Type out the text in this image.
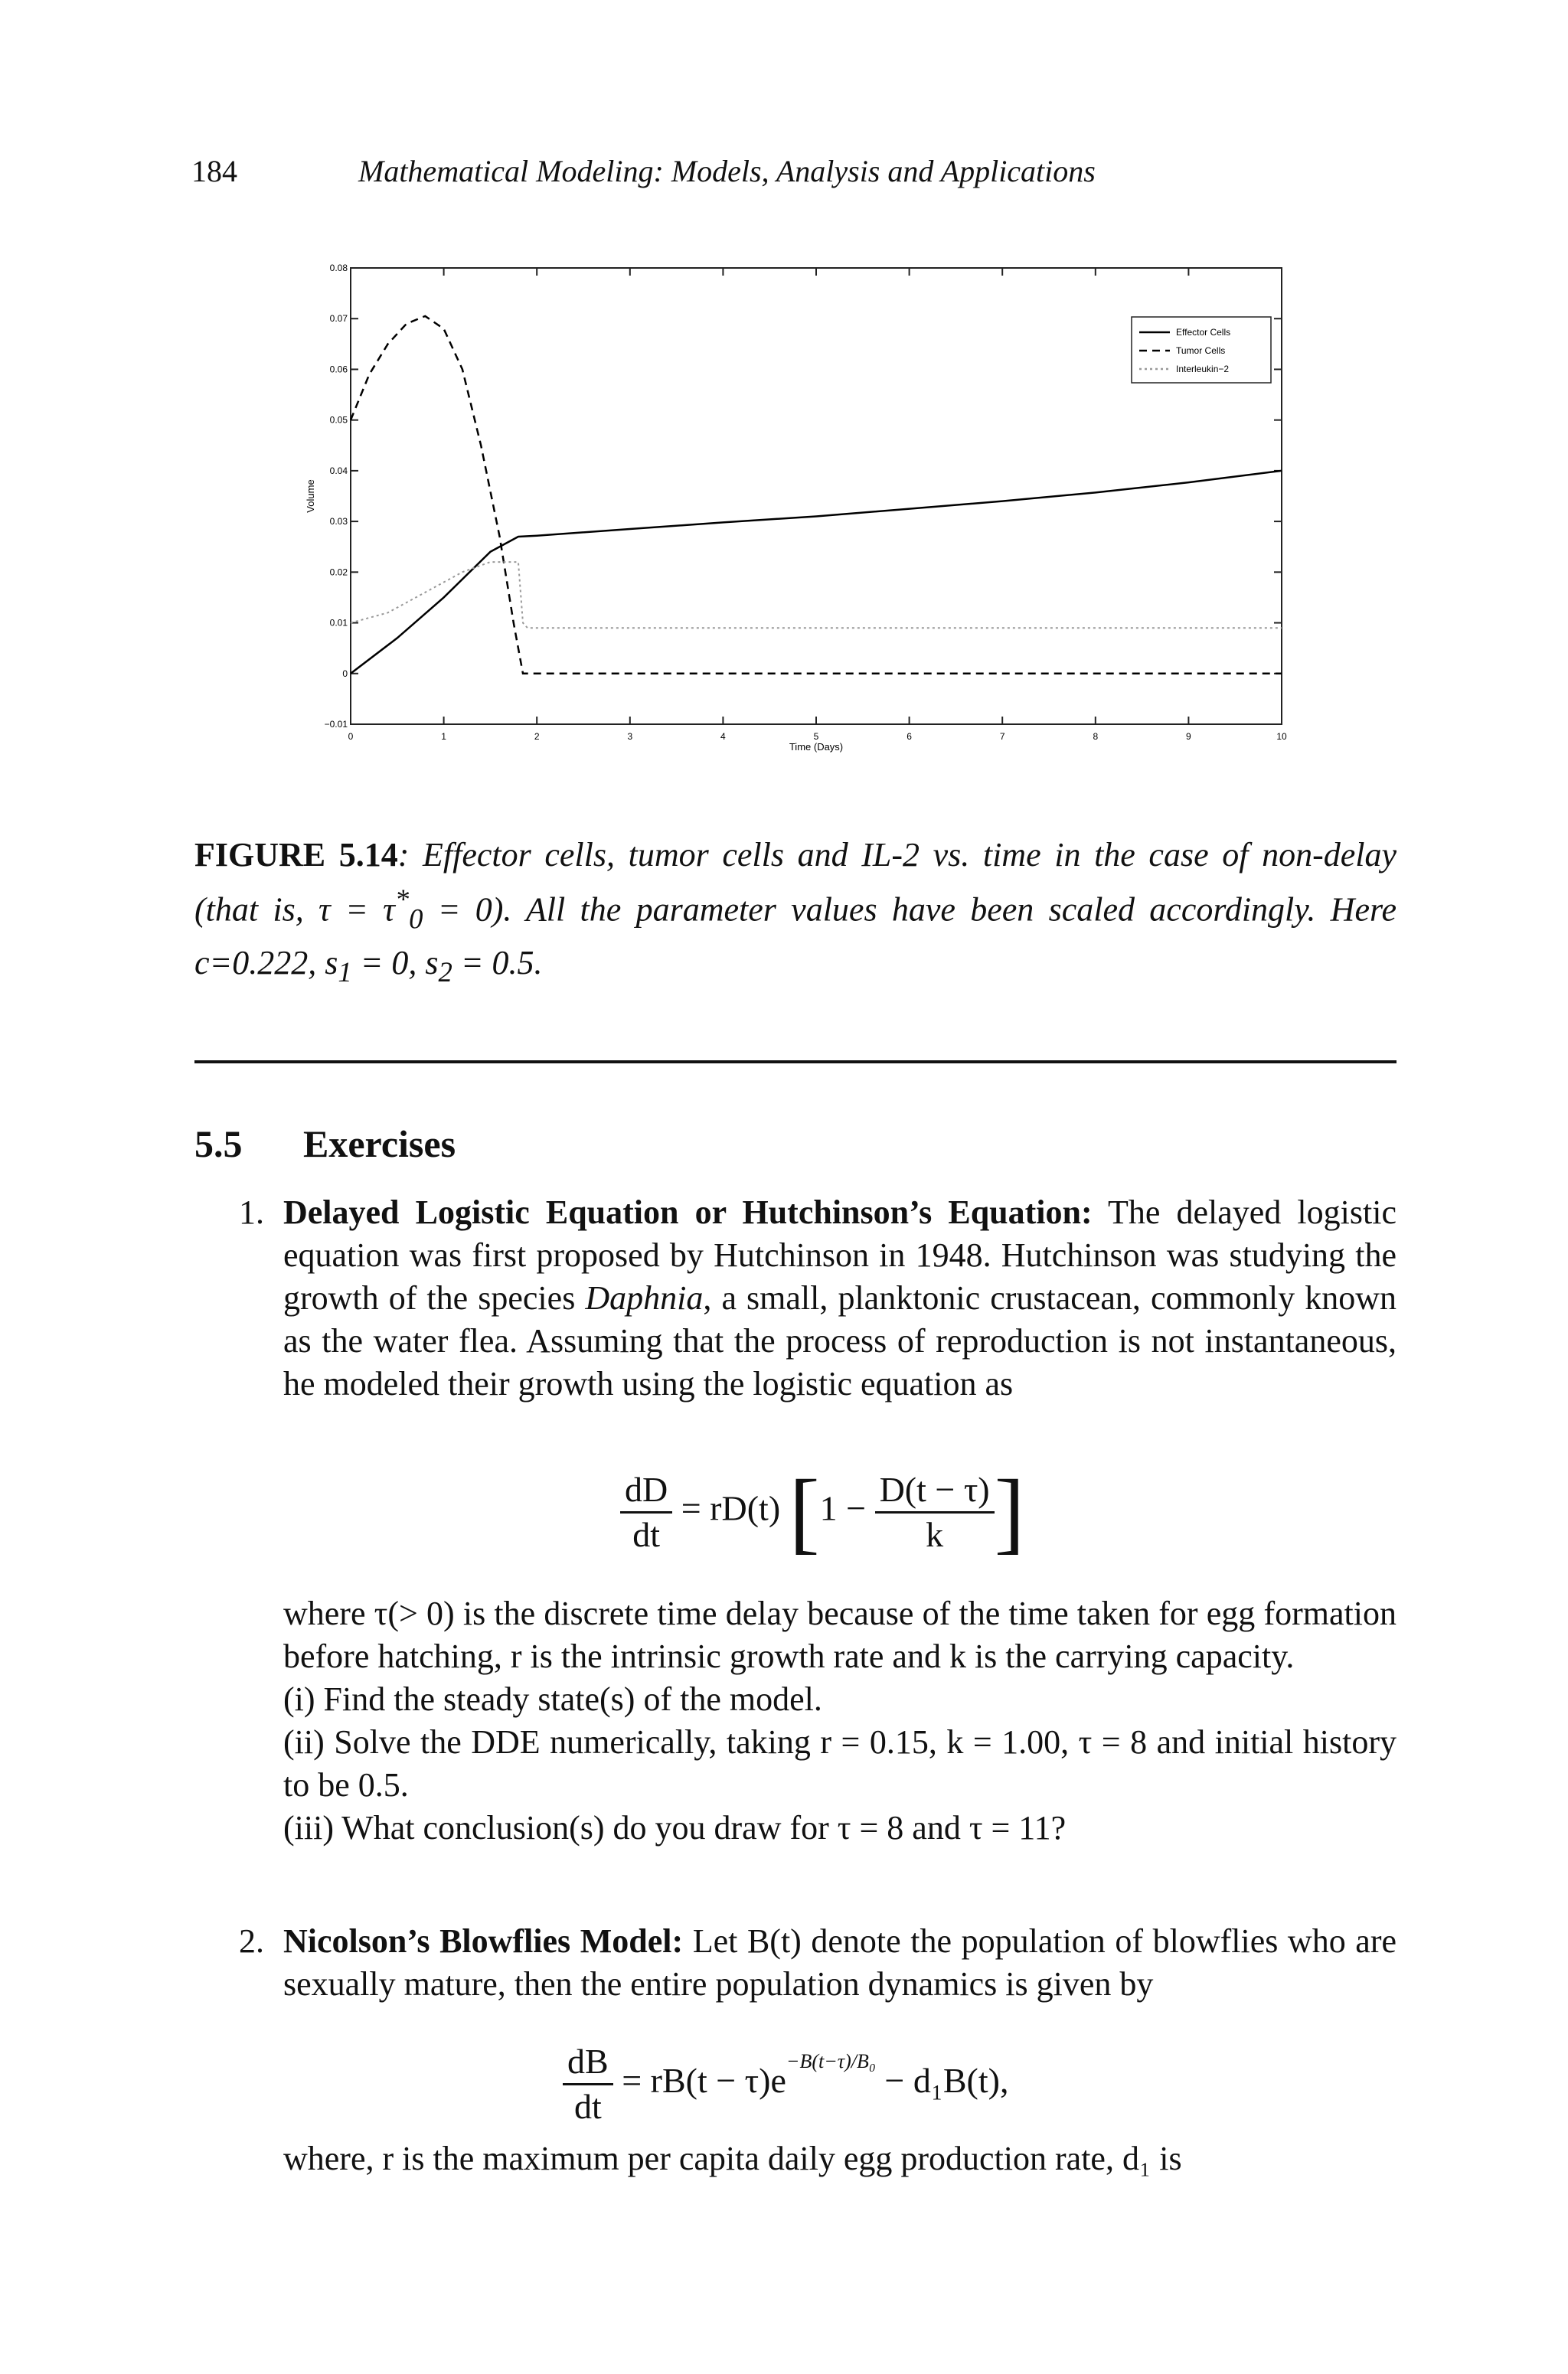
184	Mathematical Modeling: Models, Analysis and Applications
0	1	2	3	4	5	6	7	8	9	10
−0.01
0
0.01
0.02
0.03
0.04
0.05
0.06
0.07
0.08
Effector Cells
Tumor Cells
Interleukin−2
Time (Days)
Volume
FIGURE 5.14: Effector cells, tumor cells and IL-2 vs. time in the case of non-delay (that is, $\tau = \tau^*_0 = 0$). All the parameter values have been scaled accordingly. Here c=0.222, $s_1 = 0$, $s_2 = 0.5$.
5.5 Exercises
1. Delayed Logistic Equation or Hutchinson’s Equation: The delayed logistic equation was first proposed by Hutchinson in 1948. Hutchinson was studying the growth of the species Daphnia, a small, planktonic crustacean, commonly known as the water flea. Assuming that the process of reproduction is not instantaneous, he modeled their growth using the logistic equation as
$\frac{dD}{dt} = rD(t) [1 - \frac{D(t - \tau)}{k}$ ]
where τ(> 0) is the discrete time delay because of the time taken for egg formation before hatching, r is the intrinsic growth rate and k is the carrying capacity.
(i) Find the steady state(s) of the model.
(ii) Solve the DDE numerically, taking r = 0.15, k = 1.00, τ = 8 and initial history to be 0.5.
(iii) What conclusion(s) do you draw for τ = 8 and τ = 11?
2. Nicolson’s Blowflies Model: Let B(t) denote the population of blowflies who are sexually mature, then the entire population dynamics is given by
$\frac{dB}{dt} = rB(t - \tau)e^{-B(t-\tau)/B_0} - d_1B(t)$,
where, r is the maximum per capita daily egg production rate, d₁ is
